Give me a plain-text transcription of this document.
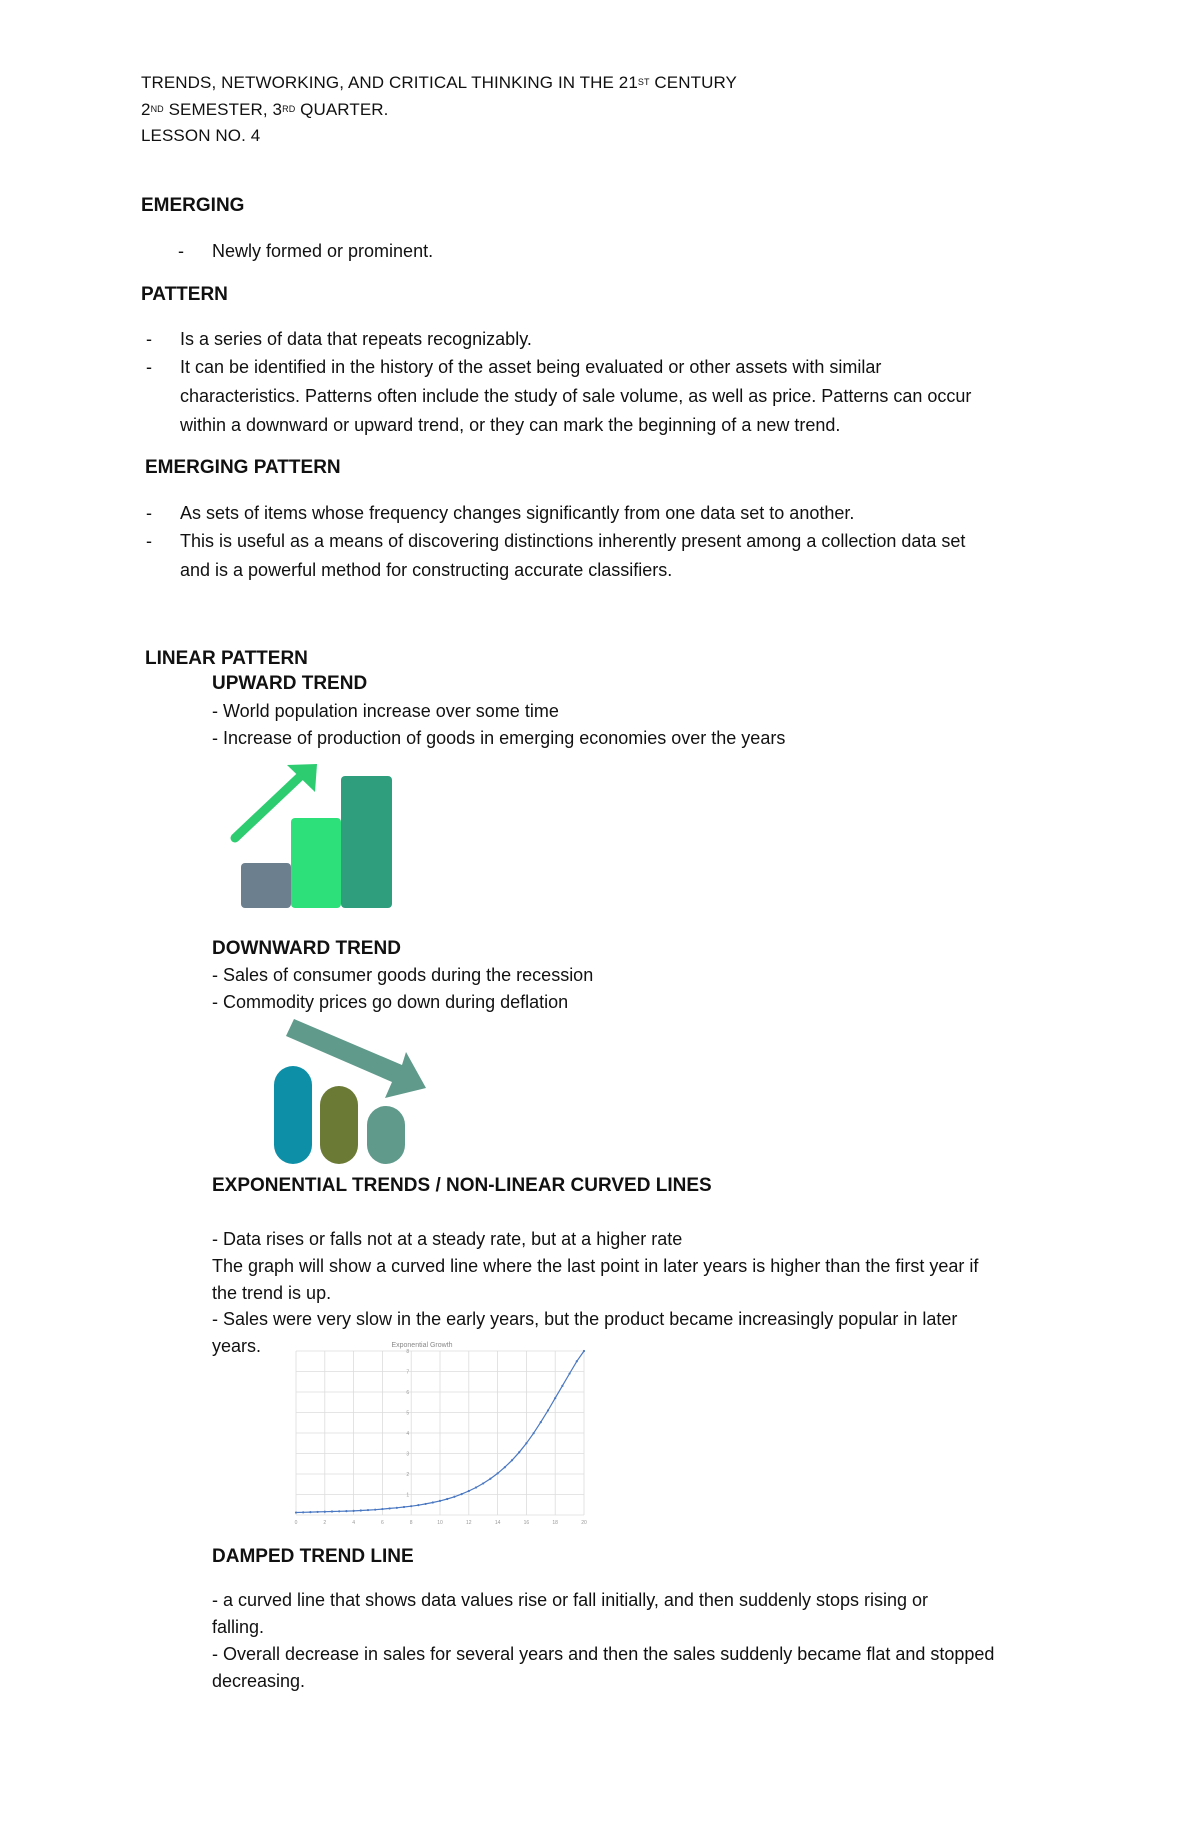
TRENDS, NETWORKING, AND CRITICAL THINKING IN THE 21ST CENTURY
2ND SEMESTER, 3RD QUARTER.
LESSON NO. 4
EMERGING
- Newly formed or prominent.
PATTERN
- Is a series of data that repeats recognizably.
- It can be identified in the history of the asset being evaluated or other assets with similar
characteristics. Patterns often include the study of sale volume, as well as price. Patterns can occur
within a downward or upward trend, or they can mark the beginning of a new trend.
EMERGING PATTERN
- As sets of items whose frequency changes significantly from one data set to another.
- This is useful as a means of discovering distinctions inherently present among a collection data set
and is a powerful method for constructing accurate classifiers.
LINEAR PATTERN
UPWARD TREND
- World population increase over some time
- Increase of production of goods in emerging economies over the years
DOWNWARD TREND
- Sales of consumer goods during the recession
- Commodity prices go down during deflation
EXPONENTIAL TRENDS / NON-LINEAR CURVED LINES
- Data rises or falls not at a steady rate, but at a higher rate
The graph will show a curved line where the last point in later years is higher than the first year if
the trend is up.
- Sales were very slow in the early years, but the product became increasingly popular in later
years.	Exponential Growth
0	2	4	6	8	10	12	14	16	18	20
1
2
3
4
5
6
7
8
DAMPED TREND LINE
- a curved line that shows data values rise or fall initially, and then suddenly stops rising or
falling.
- Overall decrease in sales for several years and then the sales suddenly became flat and stopped
decreasing.
